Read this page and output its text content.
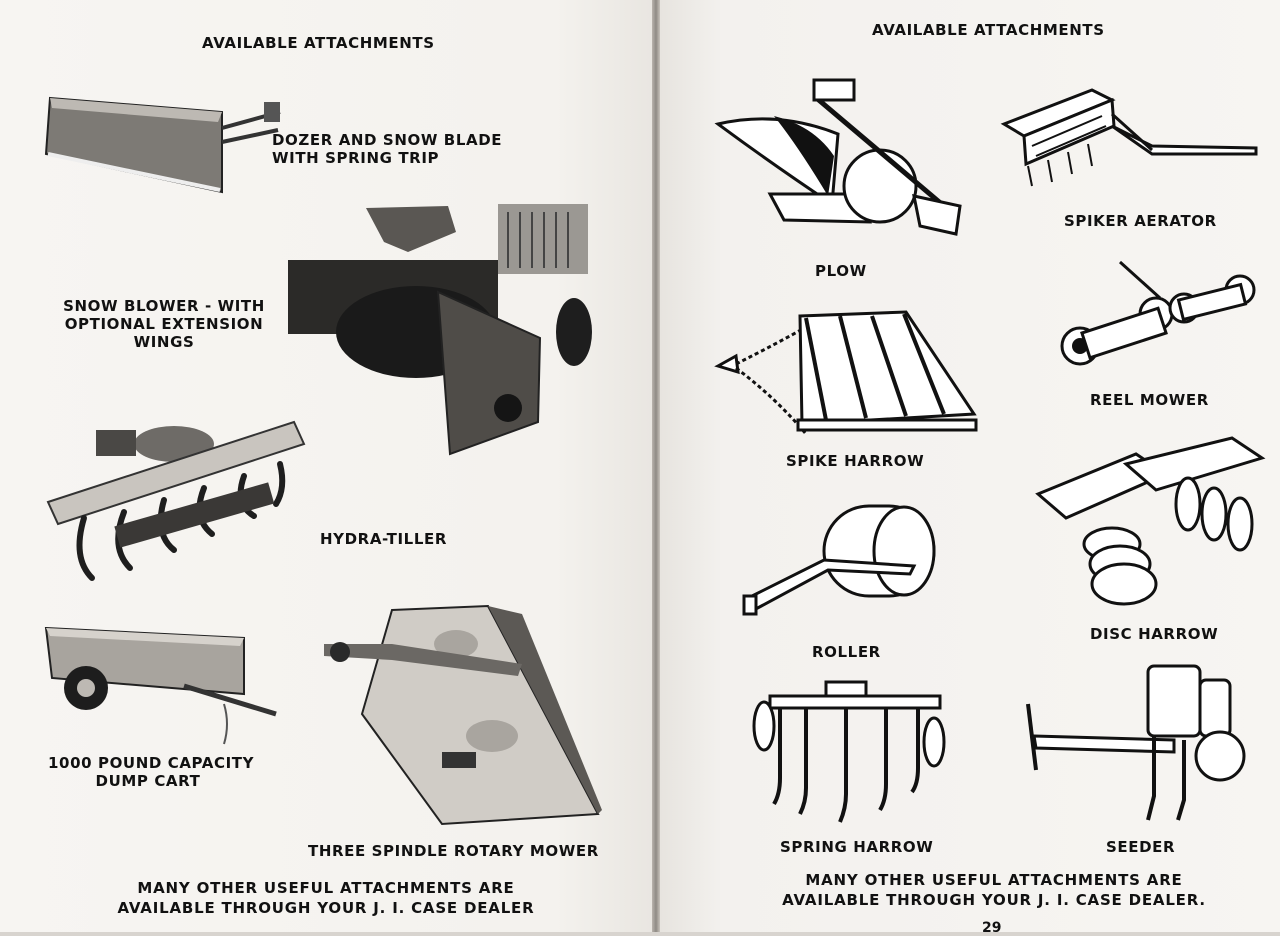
AVAILABLE ATTACHMENTS
DOZER AND SNOW BLADE
WITH SPRING TRIP
SNOW BLOWER - WITH
OPTIONAL EXTENSION
WINGS
HYDRA-TILLER
1000 POUND CAPACITY
DUMP CART
THREE SPINDLE ROTARY MOWER
MANY OTHER USEFUL ATTACHMENTS ARE
AVAILABLE THROUGH YOUR J. I. CASE DEALER
AVAILABLE ATTACHMENTS
PLOW
SPIKER AERATOR
REEL MOWER
SPIKE HARROW
ROLLER
DISC HARROW
SPRING HARROW	SEEDER
MANY OTHER USEFUL ATTACHMENTS ARE
AVAILABLE THROUGH YOUR J. I. CASE DEALER.
29
